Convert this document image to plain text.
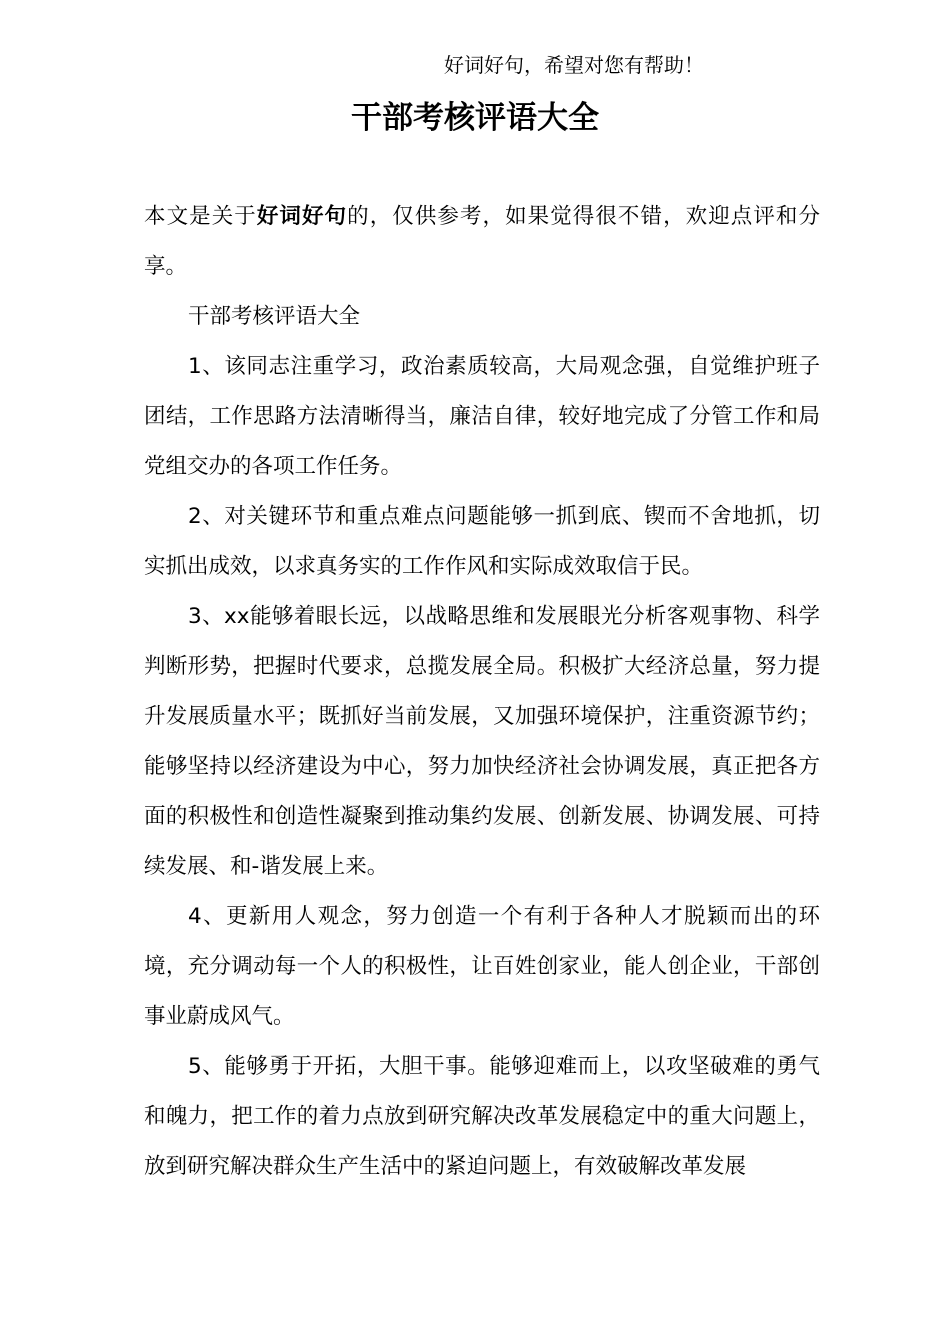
好词好句，希望对您有帮助！
干部考核评语大全

本文是关于好词好句的，仅供参考，如果觉得很不错，欢迎点评和分享。

干部考核评语大全

1、该同志注重学习，政治素质较高，大局观念强，自觉维护班子团结，工作思路方法清晰得当，廉洁自律，较好地完成了分管工作和局党组交办的各项工作任务。

2、对关键环节和重点难点问题能够一抓到底、锲而不舍地抓，切实抓出成效，以求真务实的工作作风和实际成效取信于民。

3、xx能够着眼长远，以战略思维和发展眼光分析客观事物、科学判断形势，把握时代要求，总揽发展全局。积极扩大经济总量，努力提升发展质量水平；既抓好当前发展，又加强环境保护，注重资源节约；能够坚持以经济建设为中心，努力加快经济社会协调发展，真正把各方面的积极性和创造性凝聚到推动集约发展、创新发展、协调发展、可持续发展、和-谐发展上来。

4、更新用人观念，努力创造一个有利于各种人才脱颖而出的环境，充分调动每一个人的积极性，让百姓创家业，能人创企业，干部创事业蔚成风气。

5、能够勇于开拓，大胆干事。能够迎难而上，以攻坚破难的勇气和魄力，把工作的着力点放到研究解决改革发展稳定中的重大问题上，放到研究解决群众生产生活中的紧迫问题上，有效破解改革发展
